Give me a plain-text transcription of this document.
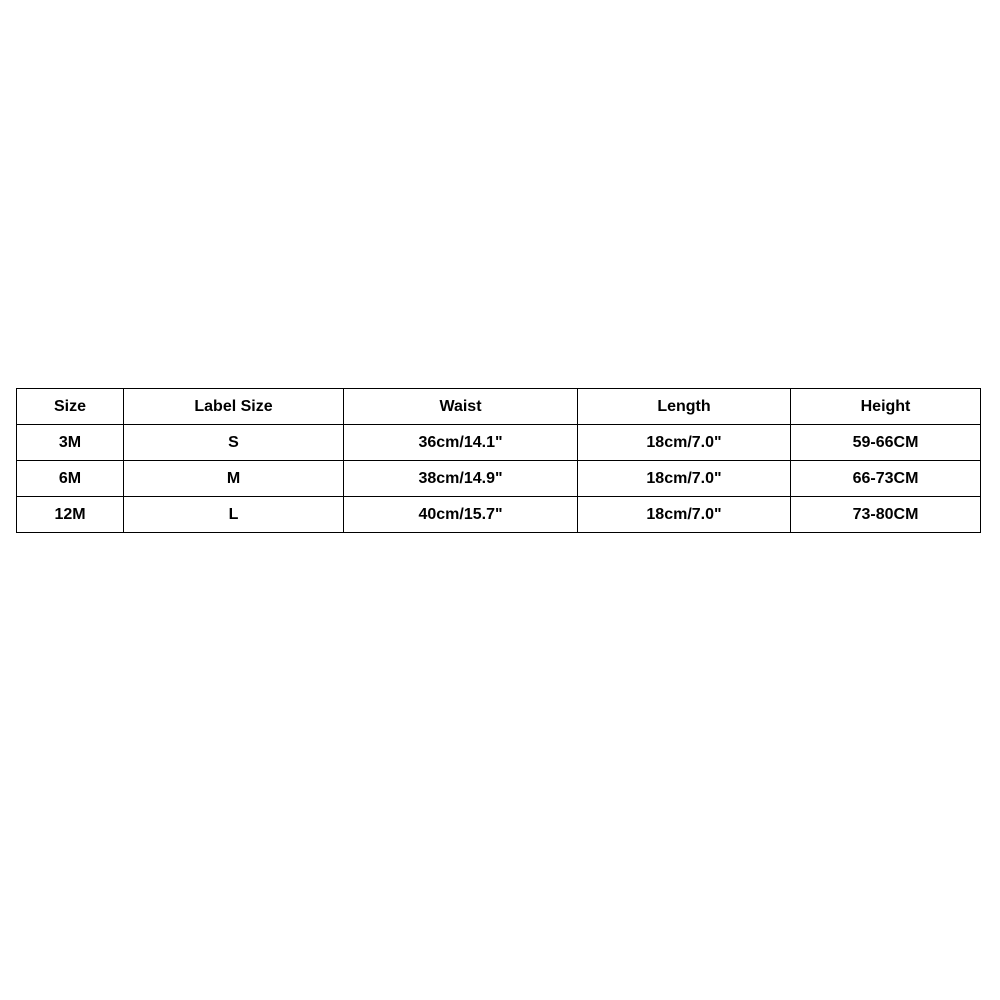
Size	Label Size	Waist	Length	Height
3M	S	36cm/14.1"	18cm/7.0"	59-66CM
6M	M	38cm/14.9"	18cm/7.0"	66-73CM
12M	L	40cm/15.7"	18cm/7.0"	73-80CM
